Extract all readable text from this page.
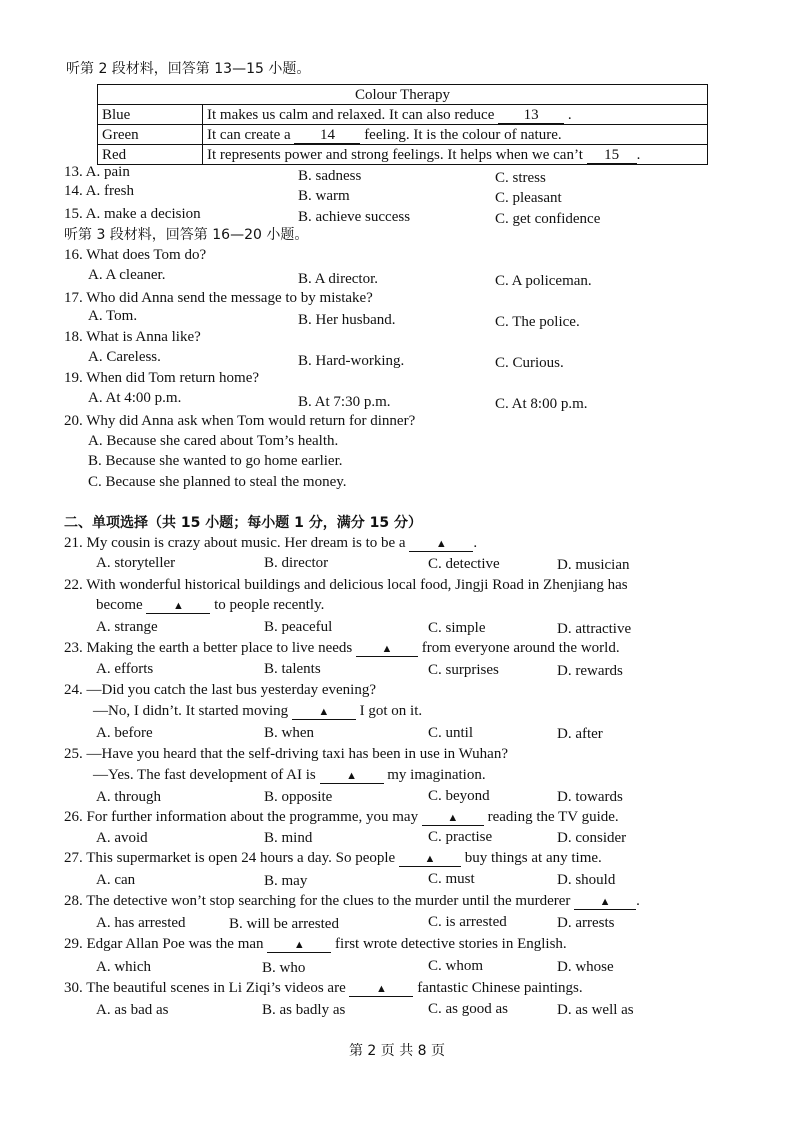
听第 2 段材料，回答第 13—15 小题。
Colour Therapy	
Blue	It makes us calm and relaxed. It can also reduce 13 .
Green	It can create a 14 feeling. It is the colour of nature.
Red	It represents power and strong feelings. It helps when we can’t 15 .
13. A. pain	B. sadness	C. stress
14. A. fresh	B. warm	C. pleasant
15. A. make a decision	B. achieve success	C. get confidence
听第 3 段材料，回答第 16—20 小题。
16. What does Tom do?
A. A cleaner.	B. A director.	C. A policeman.
17. Who did Anna send the message to by mistake?
A. Tom.	B. Her husband.	C. The police.
18. What is Anna like?
A. Careless.	B. Hard-working.	C. Curious.
19. When did Tom return home?
A. At 4:00 p.m.	B. At 7:30 p.m.	C. At 8:00 p.m.
20. Why did Anna ask when Tom would return for dinner?
A. Because she cared about Tom’s health.
B. Because she wanted to go home earlier.
C. Because she planned to steal the money.
二、单项选择（共 15 小题；每小题 1 分，满分 15 分）
21. My cousin is crazy about music. Her dream is to be a	▲ .
A. storyteller	B. director	C. detective	D. musician
22. With wonderful historical buildings and delicious local food, Jingji Road in Zhenjiang has
become	▲ to people recently.
A. strange	B. peaceful	C. simple	D. attractive
23. Making the earth a better place to live needs	▲ from everyone around the world.
A. efforts	B. talents	C. surprises	D. rewards
24. —Did you catch the last bus yesterday evening?
—No, I didn’t. It started moving	▲ I got on it.
A. before	B. when	C. until	D. after
25. —Have you heard that the self-driving taxi has been in use in Wuhan?
—Yes. The fast development of AI is	▲ my imagination.
A. through	B. opposite	C. beyond	D. towards
26. For further information about the programme, you may	▲ reading the TV guide.
A. avoid	B. mind	C. practise	D. consider
27. This supermarket is open 24 hours a day. So people	▲ buy things at any time.
A. can	B. may	C. must	D. should
28. The detective won’t stop searching for the clues to the murder until the murderer	▲ .
A. has arrested	B. will be arrested	C. is arrested	D. arrests
29. Edgar Allan Poe was the man	▲ first wrote detective stories in English.
A. which	B. who	C. whom	D. whose
30. The beautiful scenes in Li Ziqi’s videos are	▲ fantastic Chinese paintings.
A. as bad as	B. as badly as	C. as good as	D. as well as
第 2 页 共 8 页
